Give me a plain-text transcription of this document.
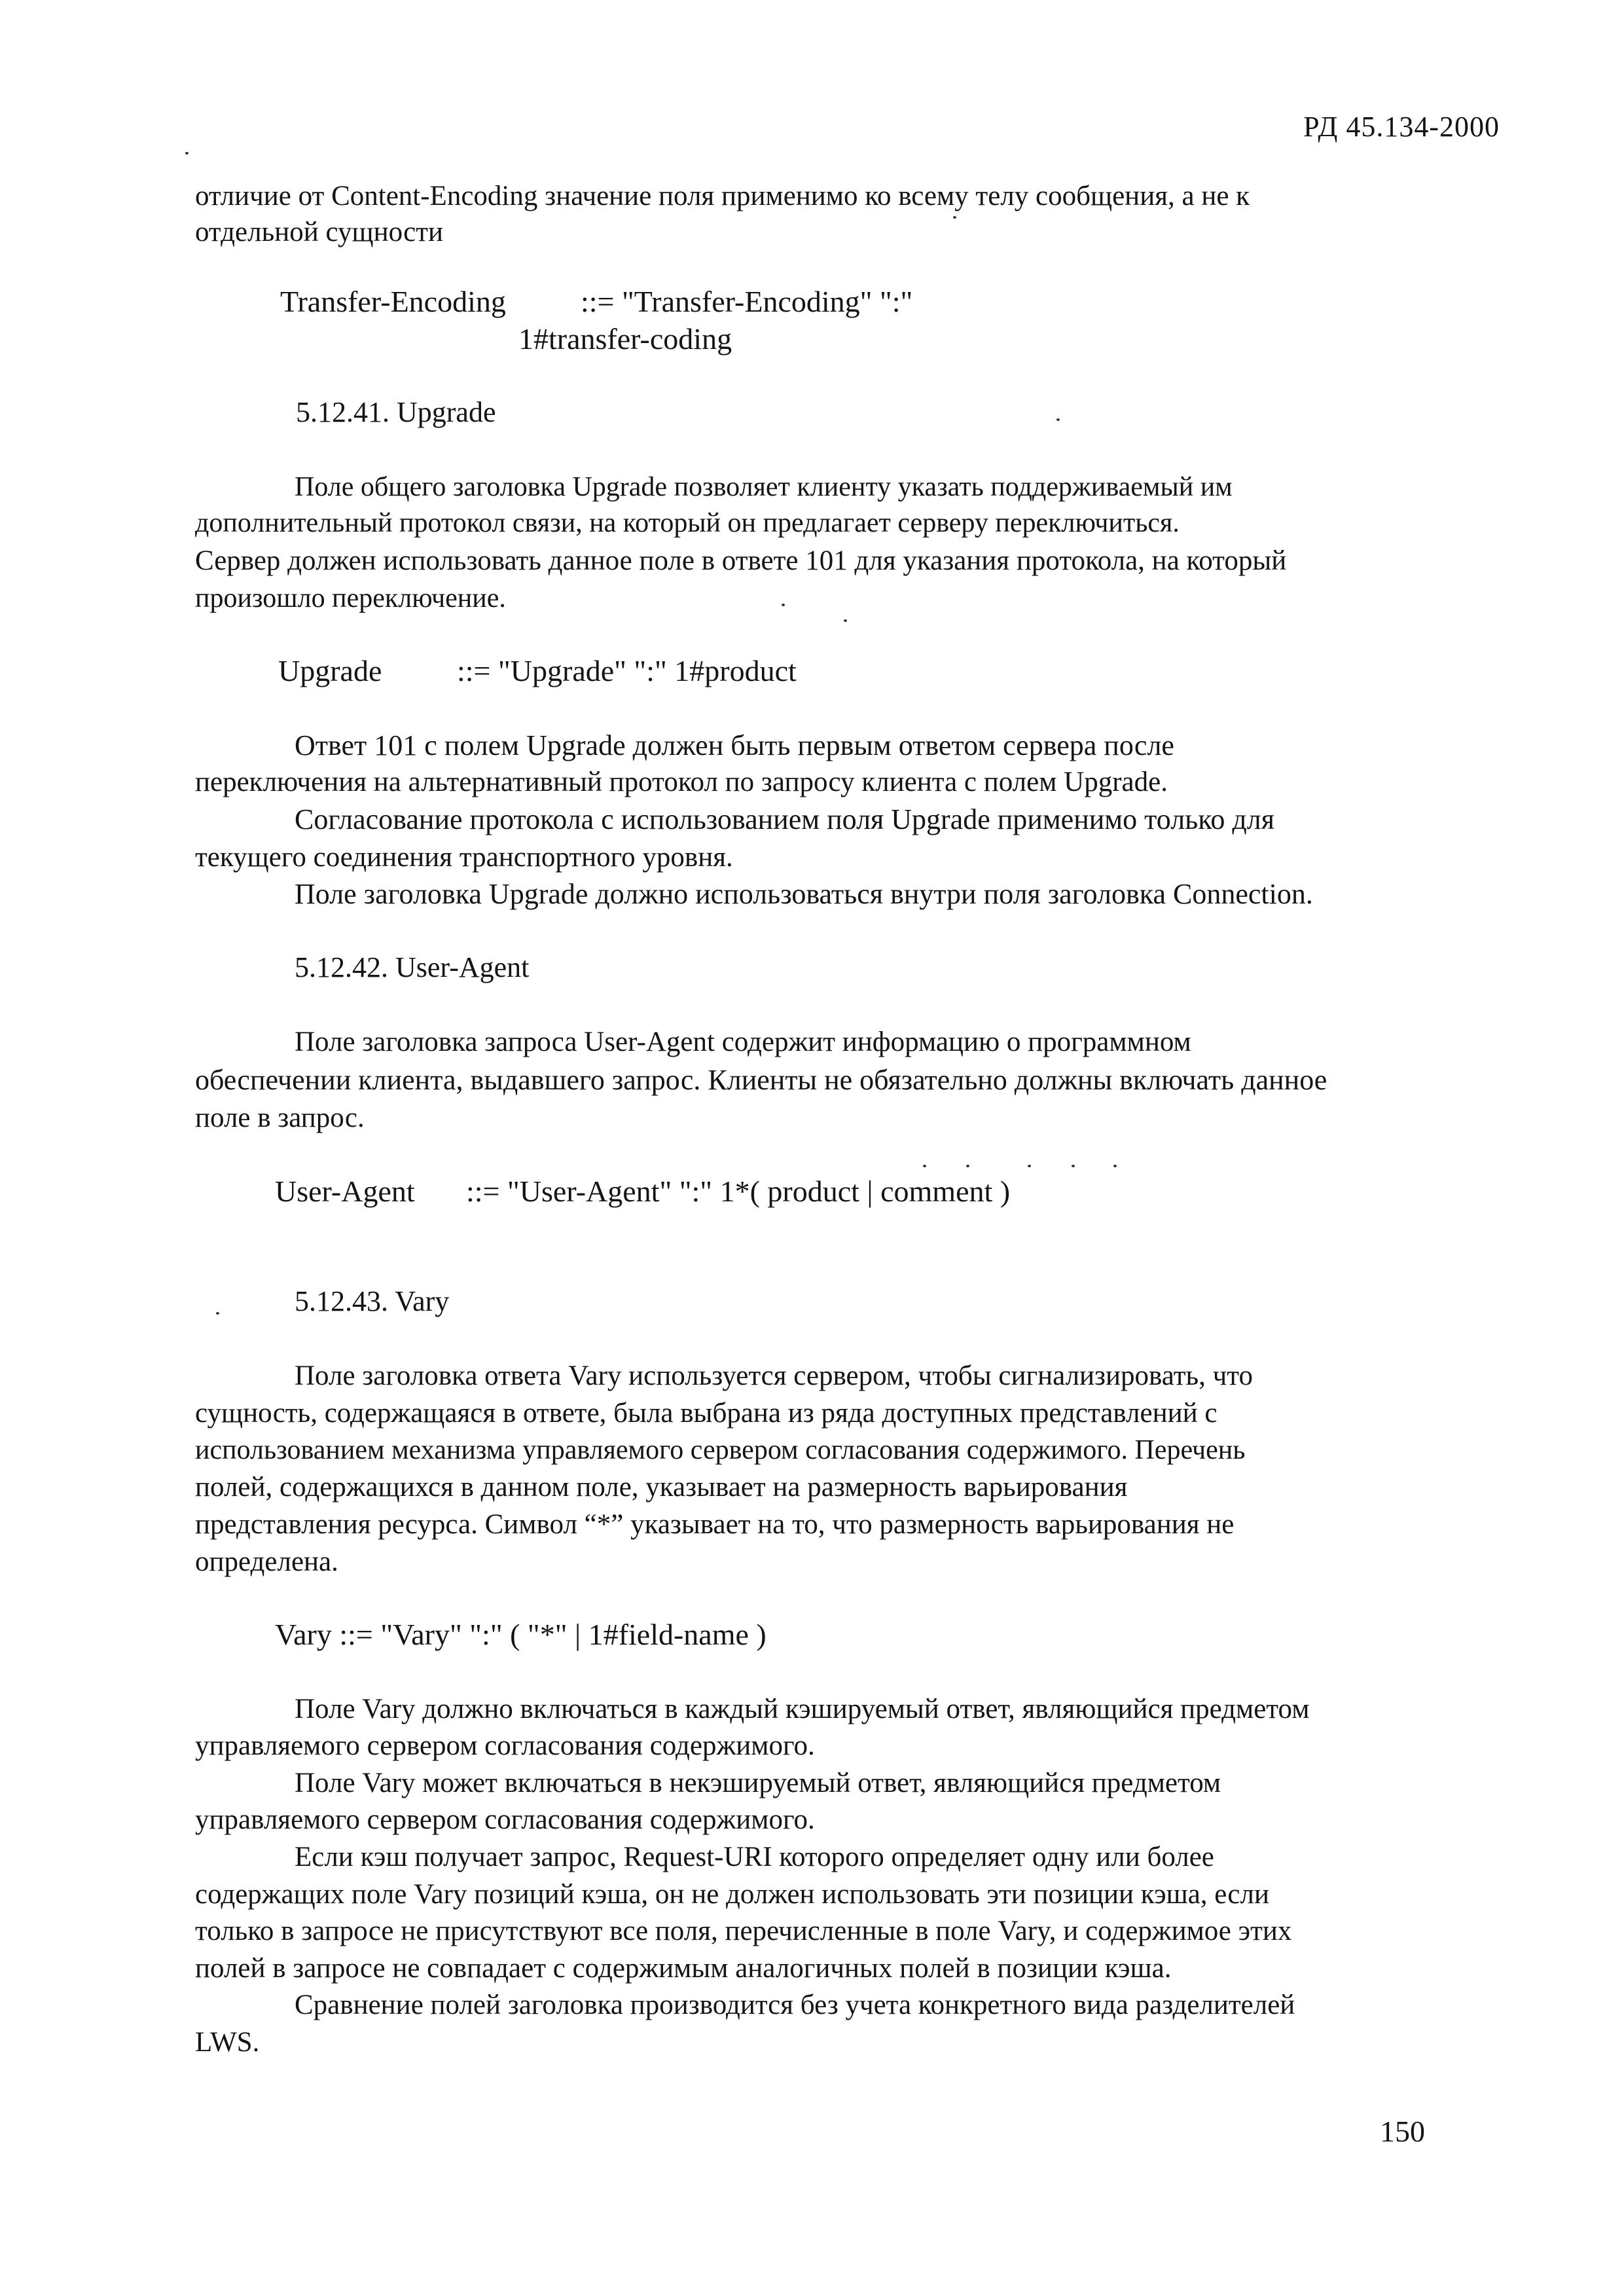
РД 45.134-2000
отличие от Content-Encoding значение поля применимо ко всему телу сообщения, а не к
отдельной сущности
Transfer-Encoding ::= "Transfer-Encoding" ":"
1#transfer-coding
5.12.41. Upgrade
Поле общего заголовка Upgrade позволяет клиенту указать поддерживаемый им
дополнительный протокол связи, на который он предлагает серверу переключиться.
Сервер должен использовать данное поле в ответе 101 для указания протокола, на который
произошло переключение.
Upgrade ::= "Upgrade" ":" 1#product
Ответ 101 с полем Upgrade должен быть первым ответом сервера после
переключения на альтернативный протокол по запросу клиента с полем Upgrade.
Согласование протокола с использованием поля Upgrade применимо только для
текущего соединения транспортного уровня.
Поле заголовка Upgrade должно использоваться внутри поля заголовка Connection.
5.12.42. User-Agent
Поле заголовка запроса User-Agent содержит информацию о программном
обеспечении клиента, выдавшего запрос. Клиенты не обязательно должны включать данное
поле в запрос.
User-Agent ::= "User-Agent" ":" 1*( product | comment )
5.12.43. Vary
Поле заголовка ответа Vary используется сервером, чтобы сигнализировать, что
сущность, содержащаяся в ответе, была выбрана из ряда доступных представлений с
использованием механизма управляемого сервером согласования содержимого. Перечень
полей, содержащихся в данном поле, указывает на размерность варьирования
представления ресурса. Символ “*” указывает на то, что размерность варьирования не
определена.
Vary ::= "Vary" ":" ( "*" | 1#field-name )
Поле Vary должно включаться в каждый кэшируемый ответ, являющийся предметом
управляемого сервером согласования содержимого.
Поле Vary может включаться в некэшируемый ответ, являющийся предметом
управляемого сервером согласования содержимого.
Если кэш получает запрос, Request-URI которого определяет одну или более
содержащих поле Vary позиций кэша, он не должен использовать эти позиции кэша, если
только в запросе не присутствуют все поля, перечисленные в поле Vary, и содержимое этих
полей в запросе не совпадает с содержимым аналогичных полей в позиции кэша.
Сравнение полей заголовка производится без учета конкретного вида разделителей
LWS.
150
